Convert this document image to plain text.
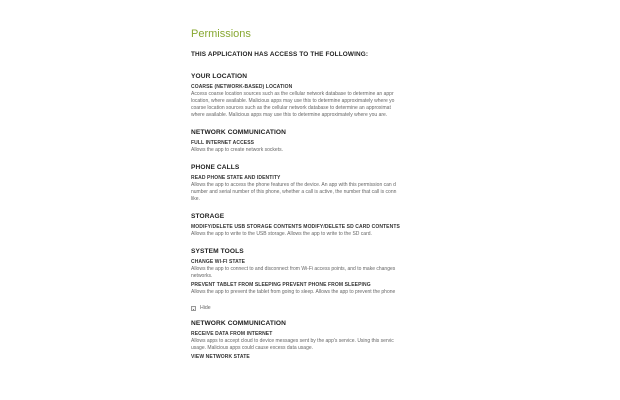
Permissions
THIS APPLICATION HAS ACCESS TO THE FOLLOWING:
YOUR LOCATION
COARSE (NETWORK-BASED) LOCATION
Access coarse location sources such as the cellular network database to determine an appr
location, where available. Malicious apps may use this to determine approximately where yo
coarse location sources such as the cellular network database to determine an approximat
where available. Malicious apps may use this to determine approximately where you are.
NETWORK COMMUNICATION
FULL INTERNET ACCESS
Allows the app to create network sockets.
PHONE CALLS
READ PHONE STATE AND IDENTITY
Allows the app to access the phone features of the device. An app with this permission can d
number and serial number of this phone, whether a call is active, the number that call is conn
like.
STORAGE
MODIFY/DELETE USB STORAGE CONTENTS MODIFY/DELETE SD CARD CONTENTS
Allows the app to write to the USB storage. Allows the app to write to the SD card.
SYSTEM TOOLS
CHANGE WI-FI STATE
Allows the app to connect to and disconnect from Wi-Fi access points, and to make changes
networks.
PREVENT TABLET FROM SLEEPING PREVENT PHONE FROM SLEEPING
Allows the app to prevent the tablet from going to sleep. Allows the app to prevent the phone
Hide
NETWORK COMMUNICATION
RECEIVE DATA FROM INTERNET
Allows apps to accept cloud to device messages sent by the app's service. Using this servic
usage. Malicious apps could cause excess data usage.
VIEW NETWORK STATE
